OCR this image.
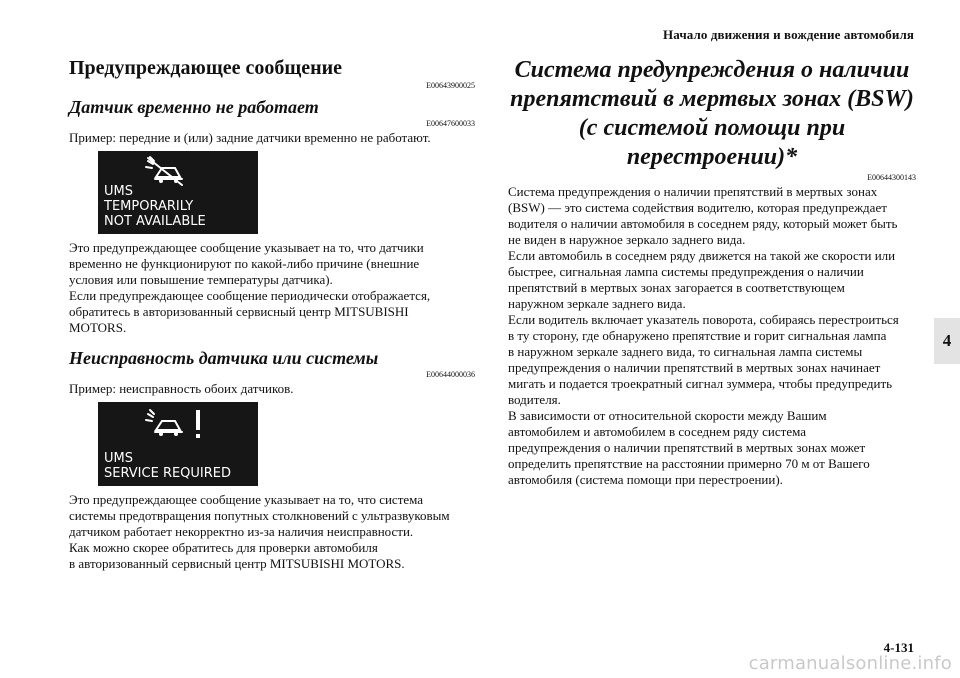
Начало движения и вождение автомобиля
4
Предупреждающее сообщение
E00643900025
Датчик временно не работает
E00647600033

Пример: передние и (или) задние датчики временно не работают.

UMS
TEMPORARILY
NOT AVAILABLE

Это предупреждающее сообщение указывает на то, что датчики

временно не функционируют по какой-либо причине (внешние

условия или повышение температуры датчика).

Если предупреждающее сообщение периодически отображается,

обратитесь в авторизованный сервисный центр MITSUBISHI

MOTORS.

Неисправность датчика или системы
E00644000036

Пример: неисправность обоих датчиков.

UMS
SERVICE REQUIRED

Это предупреждающее сообщение указывает на то, что система

системы предотвращения попутных столкновений с ультразвуковым

датчиком работает некорректно из-за наличия неисправности.

Как можно скорее обратитесь для проверки автомобиля

в авторизованный сервисный центр MITSUBISHI MOTORS.

Система предупреждения о наличии
препятствий в мертвых зонах (BSW)
(с системой помощи при перестроении)*
E00644300143

Система предупреждения о наличии препятствий в мертвых зонах

(BSW) — это система содействия водителю, которая предупреждает

водителя о наличии автомобиля в соседнем ряду, который может быть

не виден в наружное зеркало заднего вида.

Если автомобиль в соседнем ряду движется на такой же скорости или

быстрее, сигнальная лампа системы предупреждения о наличии

препятствий в мертвых зонах загорается в соответствующем

наружном зеркале заднего вида.

Если водитель включает указатель поворота, собираясь перестроиться

в ту сторону, где обнаружено препятствие и горит сигнальная лампа

в наружном зеркале заднего вида, то сигнальная лампа системы

предупреждения о наличии препятствий в мертвых зонах начинает

мигать и подается троекратный сигнал зуммера, чтобы предупредить

водителя.

В зависимости от относительной скорости между Вашим

автомобилем и автомобилем в соседнем ряду система

предупреждения о наличии препятствий в мертвых зонах может

определить препятствие на расстоянии примерно 70 м от Вашего

автомобиля (система помощи при перестроении).

4-131
carmanualsonline.info
